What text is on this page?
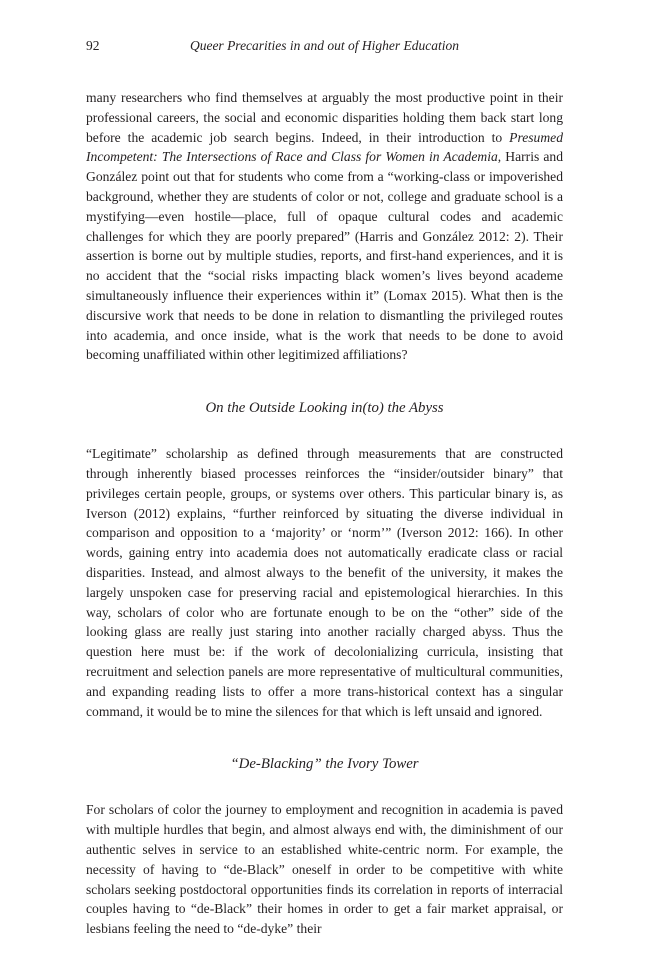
92	Queer Precarities in and out of Higher Education

many researchers who find themselves at arguably the most productive point in their professional careers, the social and economic disparities holding them back start long before the academic job search begins. Indeed, in their introduction to Presumed Incompetent: The Intersections of Race and Class for Women in Academia, Harris and González point out that for students who come from a “working-class or impoverished background, whether they are students of color or not, college and graduate school is a mystifying—even hostile—place, full of opaque cultural codes and academic challenges for which they are poorly prepared” (Harris and González 2012: 2). Their assertion is borne out by multiple studies, reports, and first-hand experiences, and it is no accident that the “social risks impacting black women’s lives beyond academe simultaneously influence their experiences within it” (Lomax 2015). What then is the discursive work that needs to be done in relation to dismantling the privileged routes into academia, and once inside, what is the work that needs to be done to avoid becoming unaffiliated within other legitimized affiliations?

On the Outside Looking in(to) the Abyss

“Legitimate” scholarship as defined through measurements that are constructed through inherently biased processes reinforces the “insider/outsider binary” that privileges certain people, groups, or systems over others. This particular binary is, as Iverson (2012) explains, “further reinforced by situating the diverse individual in comparison and opposition to a ‘majority’ or ‘norm’” (Iverson 2012: 166). In other words, gaining entry into academia does not automatically eradicate class or racial disparities. Instead, and almost always to the benefit of the university, it makes the largely unspoken case for preserving racial and epistemological hierarchies. In this way, scholars of color who are fortunate enough to be on the “other” side of the looking glass are really just staring into another racially charged abyss. Thus the question here must be: if the work of decolonializing curricula, insisting that recruitment and selection panels are more representative of multicultural communities, and expanding reading lists to offer a more trans-historical context has a singular command, it would be to mine the silences for that which is left unsaid and ignored.

“De-Blacking” the Ivory Tower

For scholars of color the journey to employment and recognition in academia is paved with multiple hurdles that begin, and almost always end with, the diminishment of our authentic selves in service to an established white-centric norm. For example, the necessity of having to “de-Black” oneself in order to be competitive with white scholars seeking postdoctoral opportunities finds its correlation in reports of interracial couples having to “de-Black” their homes in order to get a fair market appraisal, or lesbians feeling the need to “de-dyke” their
